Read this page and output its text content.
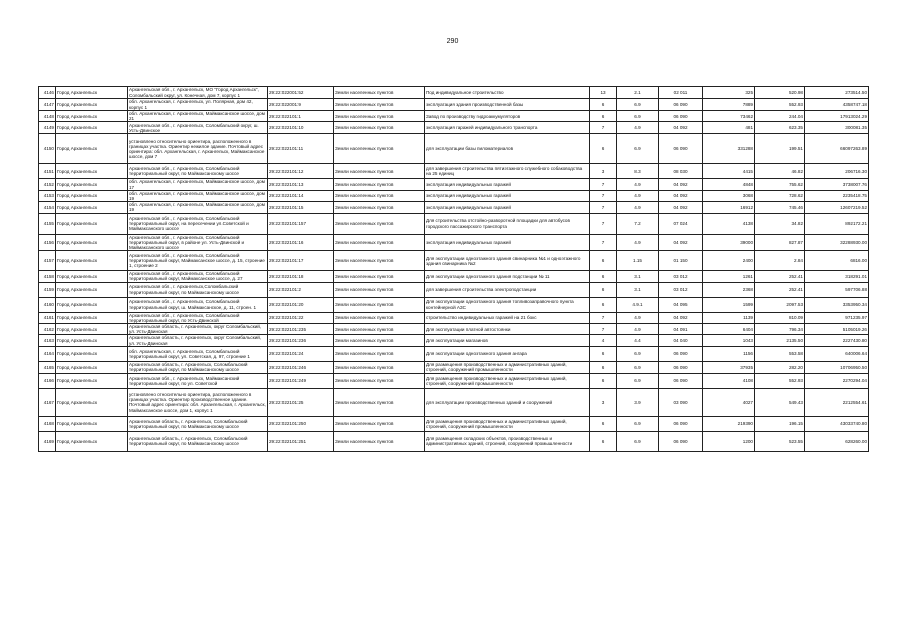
290
4146	Город Архангельск	Архангельская обл., г. Архангельск, МО "Город Архангельск", Соломбальский округ, ул. Конечная, дом 7, корпус 1	29:22:022001:52	Земли населенных пунктов	Под индивидуальное строительство	13	2.1	02 011	325	520.98	273514.50
4147	Город Архангельск	обл. Архангельская, г. Архангельск, ул. Полярная, дом 42, корпус 1	29:22:022001:9	Земли населенных пунктов	эксплуатация здания производственной базы	6	6.9	06 090	7889	552.93	4358747.18
4148	Город Архангельск	обл. Архангельская, г. Архангельск, Маймаксанское шоссе, дом 21	29:22:022101:1	Земли населенных пунктов	Завод по производству гидроаккумуляторов	6	6.9	06 090	73462	244.04	17913024.29
4149	Город Архангельск	Архангельская обл., г. Архангельск, Соломбальский округ, ш. Усть-Двинское	29:22:022101:10	Земли населенных пунктов	эксплуатация гаражей индивидуального транспорта	7	4.9	04 092	481	623.35	300081.35
4150	Город Архангельск	установлено относительно ориентира, расположенного в границах участка. Ориентир нежилое здание. Почтовый адрес ориентира: обл. Архангельская, г. Архангельск, Маймаксанское шоссе, дом 7	29:22:022101:11	Земли населенных пунктов	для эксплуатации базы пиломатериалов	6	6.9	06 090	331288	199.51	66097263.89
4151	Город Архангельск	Архангельская обл., г. Архангельск, Соломбальский территориальный округ, по Маймаксанскому шоссе	29:22:022101:12	Земли населенных пунктов	для завершения строительства пятиэтажного служебного собаководства на 25 единиц	3	8.3	08 030	4415	46.82	206716.30
4152	Город Архангельск	обл. Архангельская, г. Архангельск, Маймаксанское шоссе, дом 17	29:22:022101:13	Земли населенных пунктов	эксплуатация индивидуальных гаражей	7	4.9	04 092	4848	755.62	3738007.76
4153	Город Архангельск	обл. Архангельская, г. Архангельск, Маймаксанское шоссе, дом 19	29:22:022101:14	Земли населенных пунктов	эксплуатация индивидуальных гаражей	7	4.9	04 092	3068	728.62	2235418.75
4154	Город Архангельск	обл. Архангельская, г. Архангельск, Маймаксанское шоссе, дом 19	29:22:022101:15	Земли населенных пунктов	эксплуатация индивидуальных гаражей	7	4.9	04 092	16912	745.46	12607219.52
4155	Город Архангельск	Архангельская обл., г. Архангельск, Соломбальский территориальный округ, на пересечении ул.Советской и Маймаксанского шоссе	29:22:022101:157	Земли населенных пунктов	Для строительства отстойно-разворотной площадки для автобусов городского пассажирского транспорта	7	7.2	07 024	4138	34.82	892172.21
4156	Город Архангельск	Архангельская обл., г. Архангельск, Соломбальский территориальный округ, в районе ул. Усть-Двинской и Маймаксанского шоссе	29:22:022101:16	Земли населенных пунктов	эксплуатация индивидуальных гаражей	7	4.9	04 092	39000	827.87	32288930.00
4157	Город Архангельск	Архангельская обл., г. Архангельск, Соломбальский территориальный округ, Маймаксанское шоссе, д. 15, строение 1, строение 2	29:22:022101:17	Земли населенных пунктов	Для эксплуатации одноэтажного здания свинарника №1 и одноэтажного здания свинарника №2	6	1.15	01 150	2400	2.84	6816.00
4158	Город Архангельск	Архангельская обл., г. Архангельск, Соломбальский территориальный округ, Маймаксанское шоссе, д. 27	29:22:022101:18	Земли населенных пунктов	Для эксплуатации одноэтажного здания подстанции № 11	6	3.1	03 012	1261	252.41	318291.01
4159	Город Архангельск	Архангельская обл., г. Архангельск,Соломбальский территориальный округ, по Маймаксанскому шоссе	29:22:022101:2	Земли населенных пунктов	для завершения строительства электроподстанции	6	3.1	03 012	2368	252.41	597706.88
4160	Город Архангельск	Архангельская обл., г. Архангельск, Соломбальский территориальный округ, ш. Маймаксанское, д. 11, строен. 1	29:22:022101:20	Земли населенных пунктов	Для эксплуатации одноэтажного здания топливозаправочного пункта контейнерной АЗС	6	4.9.1	04 095	1599	2097.53	3353950.34
4161	Город Архангельск	Архангельская обл., г. Архангельск, Соломбальский территориальный округ, по Усть-Двинской	29:22:022101:22	Земли населенных пунктов	строительство индивидуальных гаражей на 21 бокс	7	4.9	04 092	1139	810.09	971235.97
4162	Город Архангельск	Архангельская область, г. Архангельск, округ Соломбальский, ул. Усть-Двинская	29:22:022101:235	Земли населенных пунктов	Для эксплуатации платной автостоянки	7	4.9	04 091	6404	796.34	5105019.26
4163	Город Архангельск	Архангельская область, г. Архангельск, округ Соломбальский, ул. Усть-Двинская	29:22:022101:236	Земли населенных пунктов	Для эксплуатации магазинов	4	4.4	04 040	1043	2135.50	2227430.80
4164	Город Архангельск	обл. Архангельская, г. Архангельск, Соломбальский территориальный округ, ул. Советская, д. 97, строение 1	29:22:022101:24	Земли населенных пунктов	Для эксплуатации одноэтажного здания ангара	6	6.9	06 090	1156	553.58	640006.64
4165	Город Архангельск	Архангельская область, г. Архангельск, Соломбальский территориальный округ, по Маймаксанскому шоссе	29:22:022101:246	Земли населенных пунктов	Для размещения производственных и административных зданий, строений, сооружений промышленности	6	6.9	06 090	37935	282.20	10706950.50
4166	Город Архангельск	Архангельская обл., г. Архангельск, Маймаксанский территориальный округ, по ул. Советской	29:22:022101:249	Земли населенных пунктов	Для размещения производственных и административных зданий, строений, сооружений промышленности	6	6.9	06 090	4108	552.93	2270294.04
4167	Город Архангельск	установлено относительно ориентира, расположенного в границах участка. Ориентир производственное здание. Почтовый адрес ориентира: обл. Архангельская, г. Архангельск, Маймаксанское шоссе, дом 1, корпус 1	29:22:022101:25	Земли населенных пунктов	для эксплуатации производственных зданий и сооружений	3	3.9	03 090	4027	549.43	2212554.61
4168	Город Архангельск	Архангельская область, г. Архангельск, Соломбальский территориальный округ, по Маймаксанскому шоссе	29:22:022101:250	Земли населенных пунктов	Для размещения производственных и административных зданий, строений, сооружений промышленности	6	6.9	06 090	219390	196.15	43033740.80
4169	Город Архангельск	Архангельская область, г. Архангельск, Соломбальский территориальный округ, по Маймаксанскому шоссе	29:22:022101:251	Земли населенных пунктов	Для размещения складских объектов, производственных и административных зданий, строений, сооружений промышленности	6	6.9	06 090	1200	523.55	628260.00
